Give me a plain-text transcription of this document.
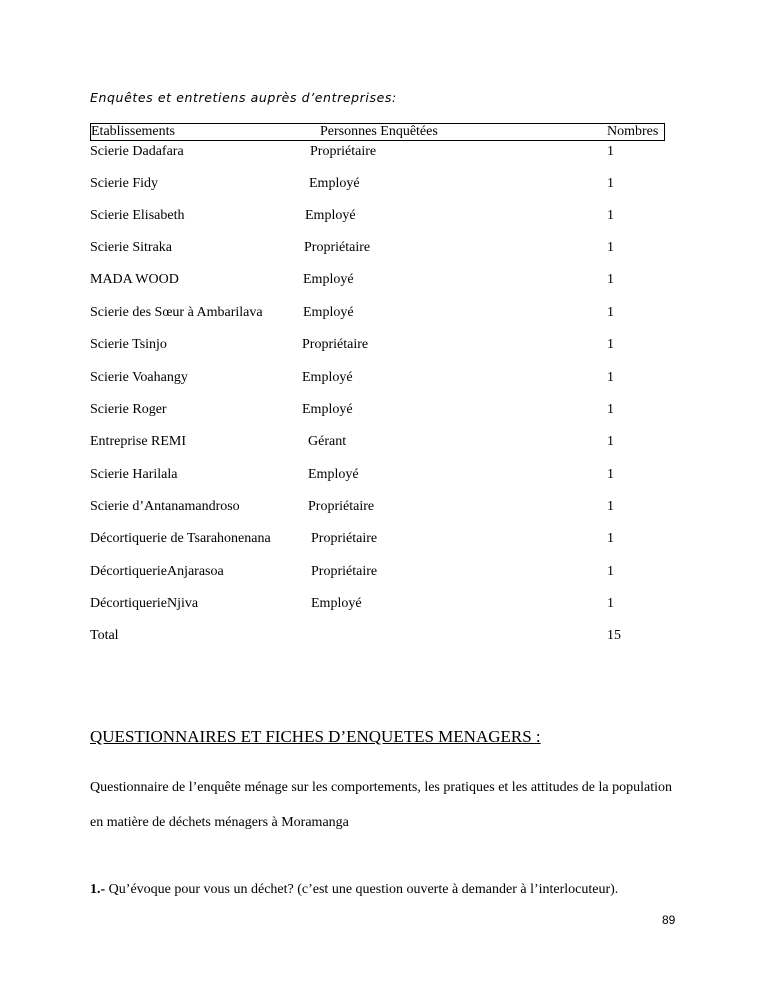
Enquêtes et entretiens auprès d’entreprises:
Etablissements	Personnes Enquêtées	Nombres
Scierie Dadafara	Propriétaire	1
Scierie Fidy	Employé	1
Scierie Elisabeth	Employé	1
Scierie Sitraka	Propriétaire	1
MADA WOOD	Employé	1
Scierie des Sœur à Ambarilava	Employé	1
Scierie Tsinjo	Propriétaire	1
Scierie Voahangy	Employé	1
Scierie Roger	Employé	1
Entreprise REMI	Gérant	1
Scierie Harilala	Employé	1
Scierie d’Antanamandroso	Propriétaire	1
Décortiquerie de Tsarahonenana	Propriétaire	1
DécortiquerieAnjarasoa	Propriétaire	1
DécortiquerieNjiva	Employé	1
Total	15
QUESTIONNAIRES ET FICHES D’ENQUETES MENAGERS :
Questionnaire de l’enquête ménage sur les comportements, les pratiques et les attitudes de la population en matière de déchets ménagers à Moramanga
1.- Qu’évoque pour vous un déchet? (c’est une question ouverte à demander à l’interlocuteur).
89
